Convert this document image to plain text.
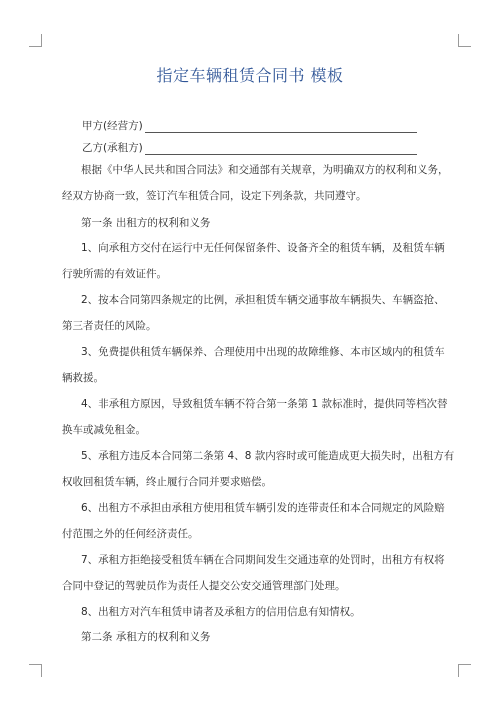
指定车辆租赁合同书 模板
甲方(经营方)
乙方(承租方)
根据《中华人民共和国合同法》和交通部有关规章，为明确双方的权利和义务，
经双方协商一致，签订汽车租赁合同，设定下列条款，共同遵守。
第一条 出租方的权利和义务
1、向承租方交付在运行中无任何保留条件、设备齐全的租赁车辆，及租赁车辆
行驶所需的有效证件。
2、按本合同第四条规定的比例，承担租赁车辆交通事故车辆损失、车辆盗抢、
第三者责任的风险。
3、免费提供租赁车辆保养、合理使用中出现的故障维修、本市区域内的租赁车
辆救援。
4、非承租方原因，导致租赁车辆不符合第一条第 1 款标准时，提供同等档次替
换车或减免租金。
5、承租方违反本合同第二条第 4、8 款内容时或可能造成更大损失时，出租方有
权收回租赁车辆，终止履行合同并要求赔偿。
6、出租方不承担由承租方使用租赁车辆引发的连带责任和本合同规定的风险赔
付范围之外的任何经济责任。
7、承租方拒绝接受租赁车辆在合同期间发生交通违章的处罚时，出租方有权将
合同中登记的驾驶员作为责任人提交公安交通管理部门处理。
8、出租方对汽车租赁申请者及承租方的信用信息有知情权。
第二条 承租方的权利和义务
